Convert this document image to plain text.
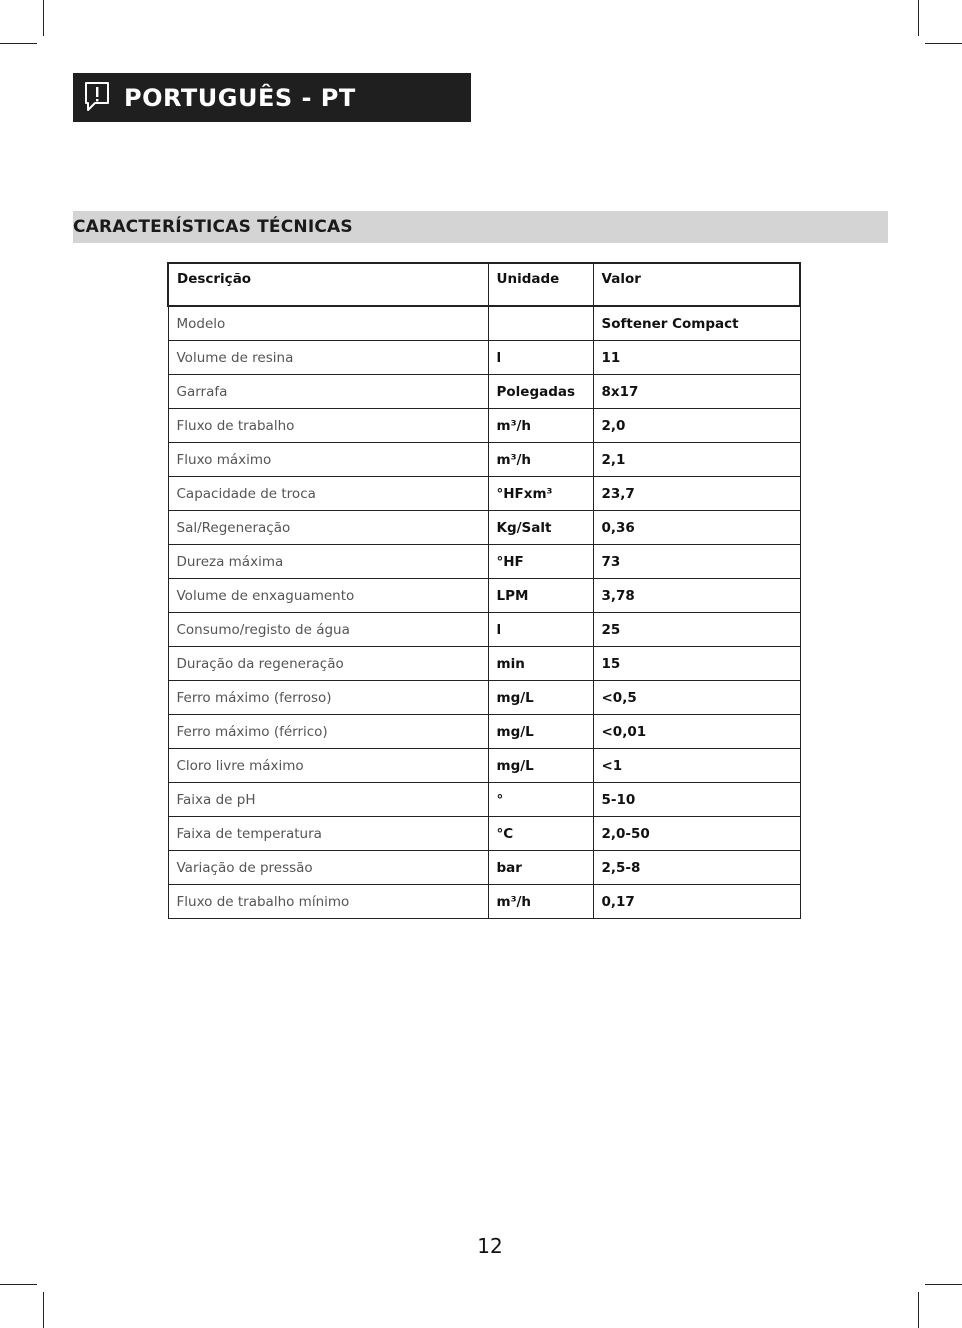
PORTUGUÊS - PT
CARACTERÍSTICAS TÉCNICAS
Descrição	Unidade	Valor
Modelo		Softener Compact
Volume de resina	l	11
Garrafa	Polegadas	8x17
Fluxo de trabalho	m³/h	2,0
Fluxo máximo	m³/h	2,1
Capacidade de troca	°HFxm³	23,7
Sal/Regeneração	Kg/Salt	0,36
Dureza máxima	°HF	73
Volume de enxaguamento	LPM	3,78
Consumo/registo de água	l	25
Duração da regeneração	min	15
Ferro máximo (ferroso)	mg/L	<0,5
Ferro máximo (férrico)	mg/L	<0,01
Cloro livre máximo	mg/L	<1
Faixa de pH	°	5-10
Faixa de temperatura	°C	2,0-50
Variação de pressão	bar	2,5-8
Fluxo de trabalho mínimo	m³/h	0,17
12
